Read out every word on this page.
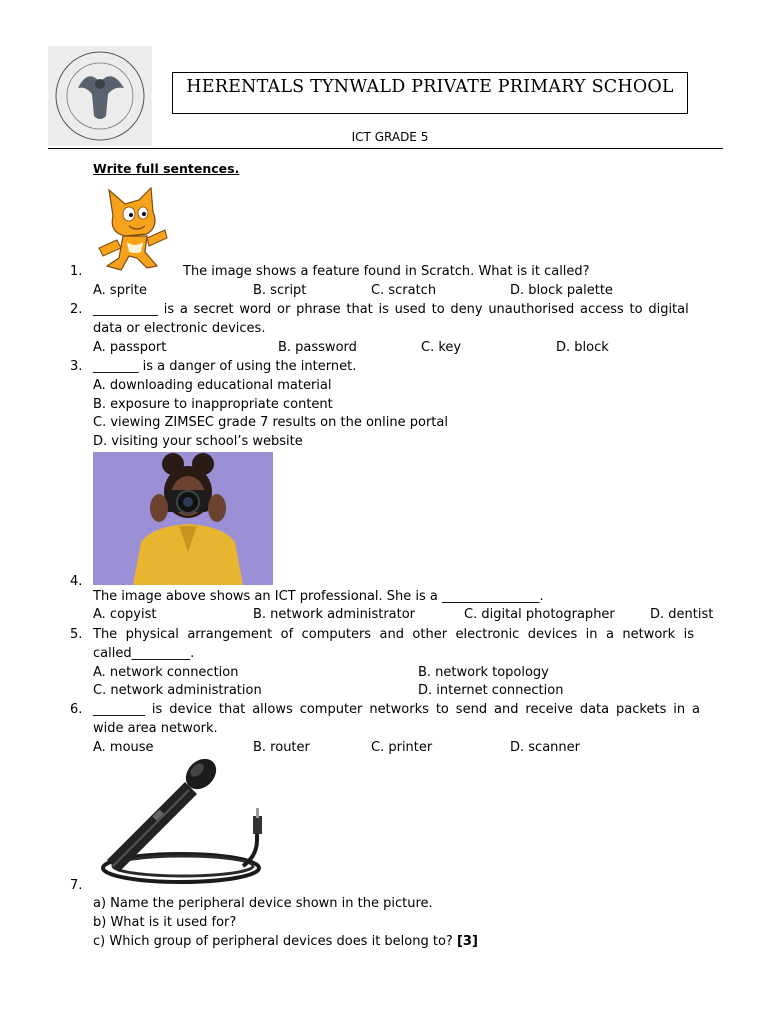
HERENTALS TYNWALD PRIVATE PRIMARY SCHOOL
ICT GRADE 5
Write full sentences.
1.	The image shows a feature found in Scratch. What is it called?
A. sprite	B. script	C. scratch	D. block palette
2. __________ is a secret word or phrase that is used to deny unauthorised access to digital
data or electronic devices.
A. passport	B. password	C. key	D. block
3. _______ is a danger of using the internet.
A. downloading educational material
B. exposure to inappropriate content
C. viewing ZIMSEC grade 7 results on the online portal
D. visiting your school’s website
4.
The image above shows an ICT professional. She is a _______________.
A. copyist	B. network administrator	C. digital photographer	D. dentist
5. The physical arrangement of computers and other electronic devices in a network is
called_________.
A. network connection	B. network topology
C. network administration	D. internet connection
6. ________ is device that allows computer networks to send and receive data packets in a
wide area network.
A. mouse	B. router	C. printer	D. scanner
7.
a) Name the peripheral device shown in the picture.
b) What is it used for?
c) Which group of peripheral devices does it belong to? [3]
